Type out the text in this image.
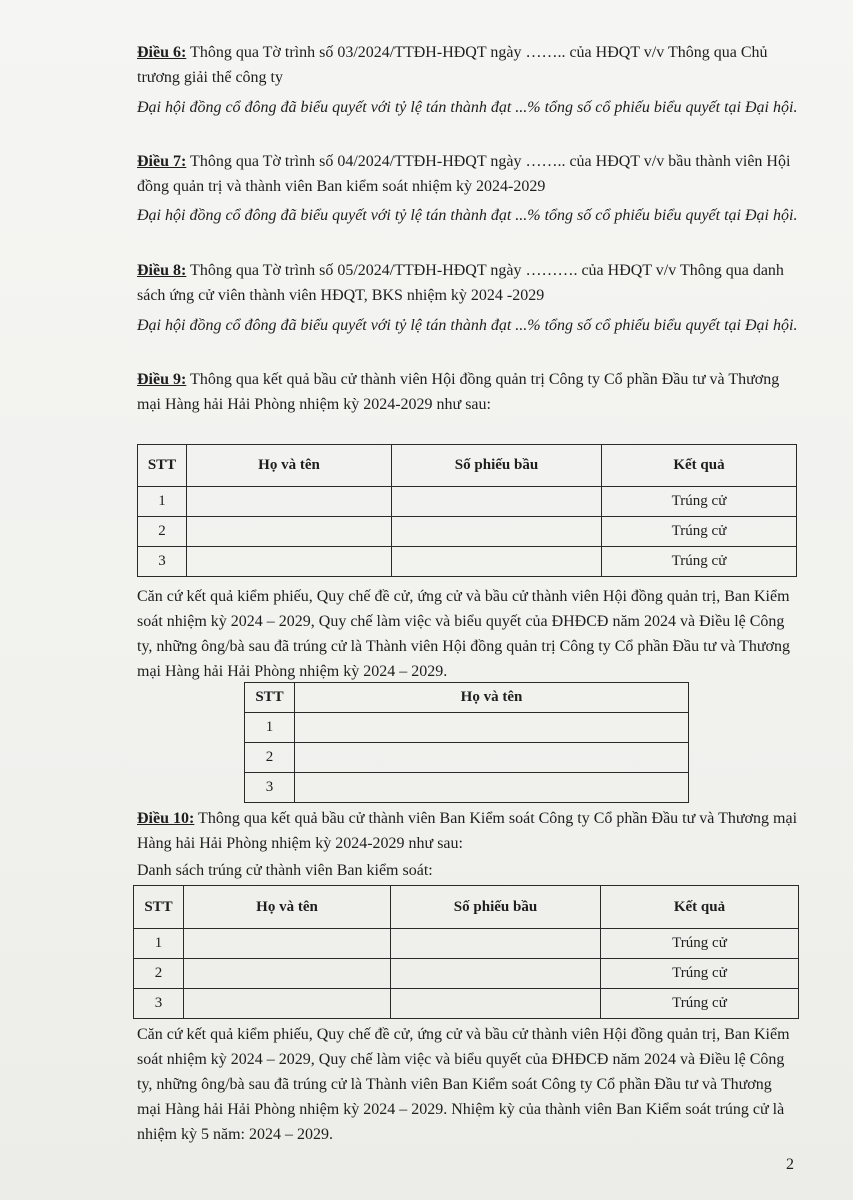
Điều 6: Thông qua Tờ trình số 03/2024/TTĐH-HĐQT ngày …….. của HĐQT v/v Thông qua Chủ trương giải thể công ty
Đại hội đồng cổ đông đã biểu quyết với tỷ lệ tán thành đạt ...% tổng số cổ phiếu biểu quyết tại Đại hội.
Điều 7: Thông qua Tờ trình số 04/2024/TTĐH-HĐQT ngày …….. của HĐQT v/v bầu thành viên Hội đồng quản trị và thành viên Ban kiểm soát nhiệm kỳ 2024-2029
Đại hội đồng cổ đông đã biểu quyết với tỷ lệ tán thành đạt ...% tổng số cổ phiếu biểu quyết tại Đại hội.
Điều 8: Thông qua Tờ trình số 05/2024/TTĐH-HĐQT ngày ………. của HĐQT v/v Thông qua danh sách ứng cử viên thành viên HĐQT, BKS nhiệm kỳ 2024 -2029
Đại hội đồng cổ đông đã biểu quyết với tỷ lệ tán thành đạt ...% tổng số cổ phiếu biểu quyết tại Đại hội.
Điều 9: Thông qua kết quả bầu cử thành viên Hội đồng quản trị Công ty Cổ phần Đầu tư và Thương mại Hàng hải Hải Phòng nhiệm kỳ 2024-2029 như sau:
STT	Họ và tên	Số phiếu bầu	Kết quả
1			Trúng cử
2			Trúng cử
3			Trúng cử
Căn cứ kết quả kiểm phiếu, Quy chế đề cử, ứng cử và bầu cử thành viên Hội đồng quản trị, Ban Kiểm soát nhiệm kỳ 2024 – 2029, Quy chế làm việc và biểu quyết của ĐHĐCĐ năm 2024 và Điều lệ Công ty, những ông/bà sau đã trúng cử là Thành viên Hội đồng quản trị Công ty Cổ phần Đầu tư và Thương mại Hàng hải Hải Phòng nhiệm kỳ 2024 – 2029.
STT	Họ và tên
1	
2	
3	
Điều 10: Thông qua kết quả bầu cử thành viên Ban Kiểm soát Công ty Cổ phần Đầu tư và Thương mại Hàng hải Hải Phòng nhiệm kỳ 2024-2029 như sau:
Danh sách trúng cử thành viên Ban kiểm soát:
STT	Họ và tên	Số phiếu bầu	Kết quả
1			Trúng cử
2			Trúng cử
3			Trúng cử
Căn cứ kết quả kiểm phiếu, Quy chế đề cử, ứng cử và bầu cử thành viên Hội đồng quản trị, Ban Kiểm soát nhiệm kỳ 2024 – 2029, Quy chế làm việc và biểu quyết của ĐHĐCĐ năm 2024 và Điều lệ Công ty, những ông/bà sau đã trúng cử là Thành viên Ban Kiểm soát Công ty Cổ phần Đầu tư và Thương mại Hàng hải Hải Phòng nhiệm kỳ 2024 – 2029. Nhiệm kỳ của thành viên Ban Kiểm soát trúng cử là nhiệm kỳ 5 năm: 2024 – 2029.
2
